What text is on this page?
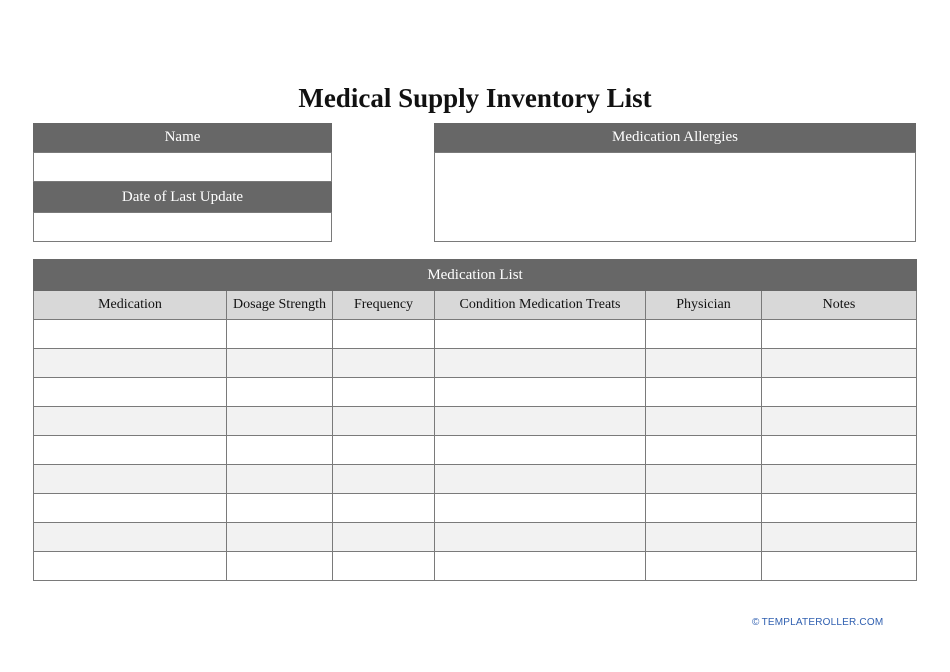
Medical Supply Inventory List
Name
Date of Last Update
Medication Allergies
Medication List					
Medication	Dosage Strength	Frequency	Condition Medication Treats	Physician	Notes

© TEMPLATEROLLER.COM
